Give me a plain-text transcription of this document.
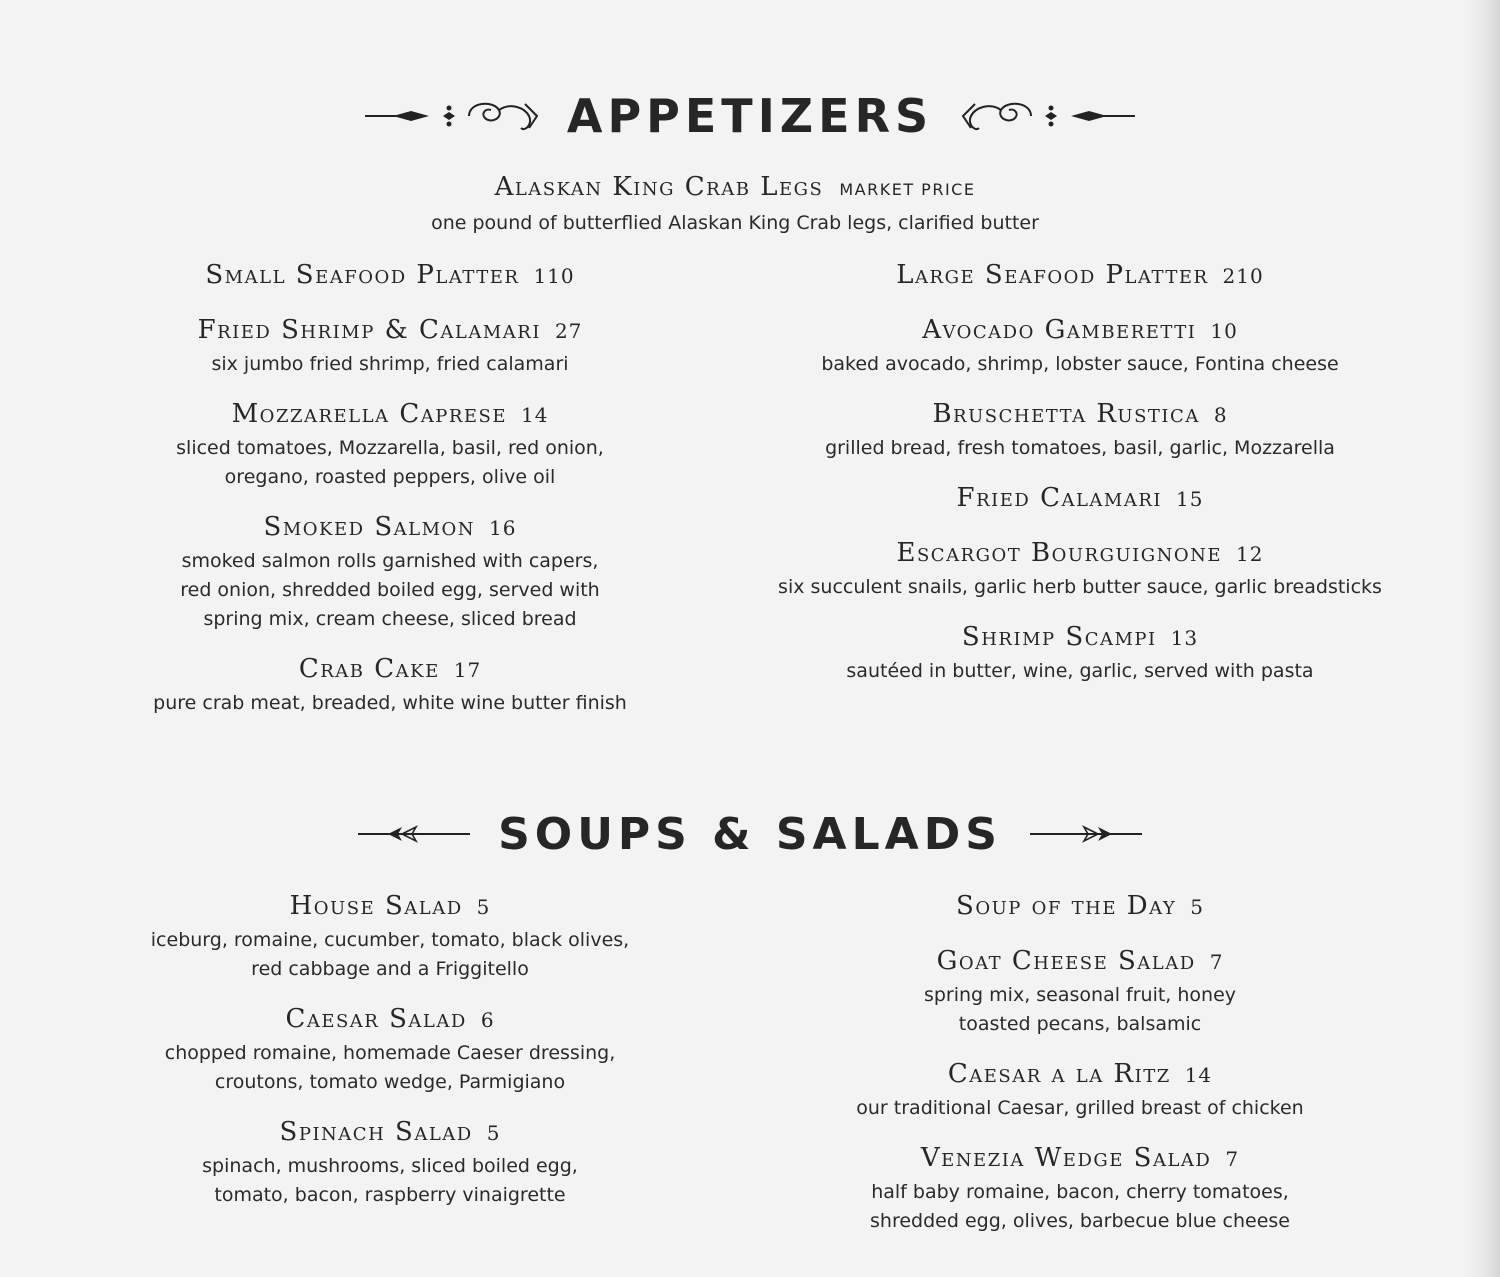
APPETIZERS
Alaskan King Crab Legs MARKET PRICE
one pound of butterflied Alaskan King Crab legs, clarified butter
Small Seafood Platter 110
Fried Shrimp & Calamari 27
six jumbo fried shrimp, fried calamari
Mozzarella Caprese 14
sliced tomatoes, Mozzarella, basil, red onion,
oregano, roasted peppers, olive oil
Smoked Salmon 16
smoked salmon rolls garnished with capers,
red onion, shredded boiled egg, served with
spring mix, cream cheese, sliced bread
Crab Cake 17
pure crab meat, breaded, white wine butter finish
Large Seafood Platter 210
Avocado Gamberetti 10
baked avocado, shrimp, lobster sauce, Fontina cheese
Bruschetta Rustica 8
grilled bread, fresh tomatoes, basil, garlic, Mozzarella
Fried Calamari 15
Escargot Bourguignone 12
six succulent snails, garlic herb butter sauce, garlic breadsticks
Shrimp Scampi 13
sautéed in butter, wine, garlic, served with pasta
SOUPS & SALADS
House Salad 5
iceburg, romaine, cucumber, tomato, black olives,
red cabbage and a Friggitello
Caesar Salad 6
chopped romaine, homemade Caeser dressing,
croutons, tomato wedge, Parmigiano
Spinach Salad 5
spinach, mushrooms, sliced boiled egg,
tomato, bacon, raspberry vinaigrette
Soup of the Day 5
Goat Cheese Salad 7
spring mix, seasonal fruit, honey
toasted pecans, balsamic
Caesar a la Ritz 14
our traditional Caesar, grilled breast of chicken
Venezia Wedge Salad 7
half baby romaine, bacon, cherry tomatoes,
shredded egg, olives, barbecue blue cheese
